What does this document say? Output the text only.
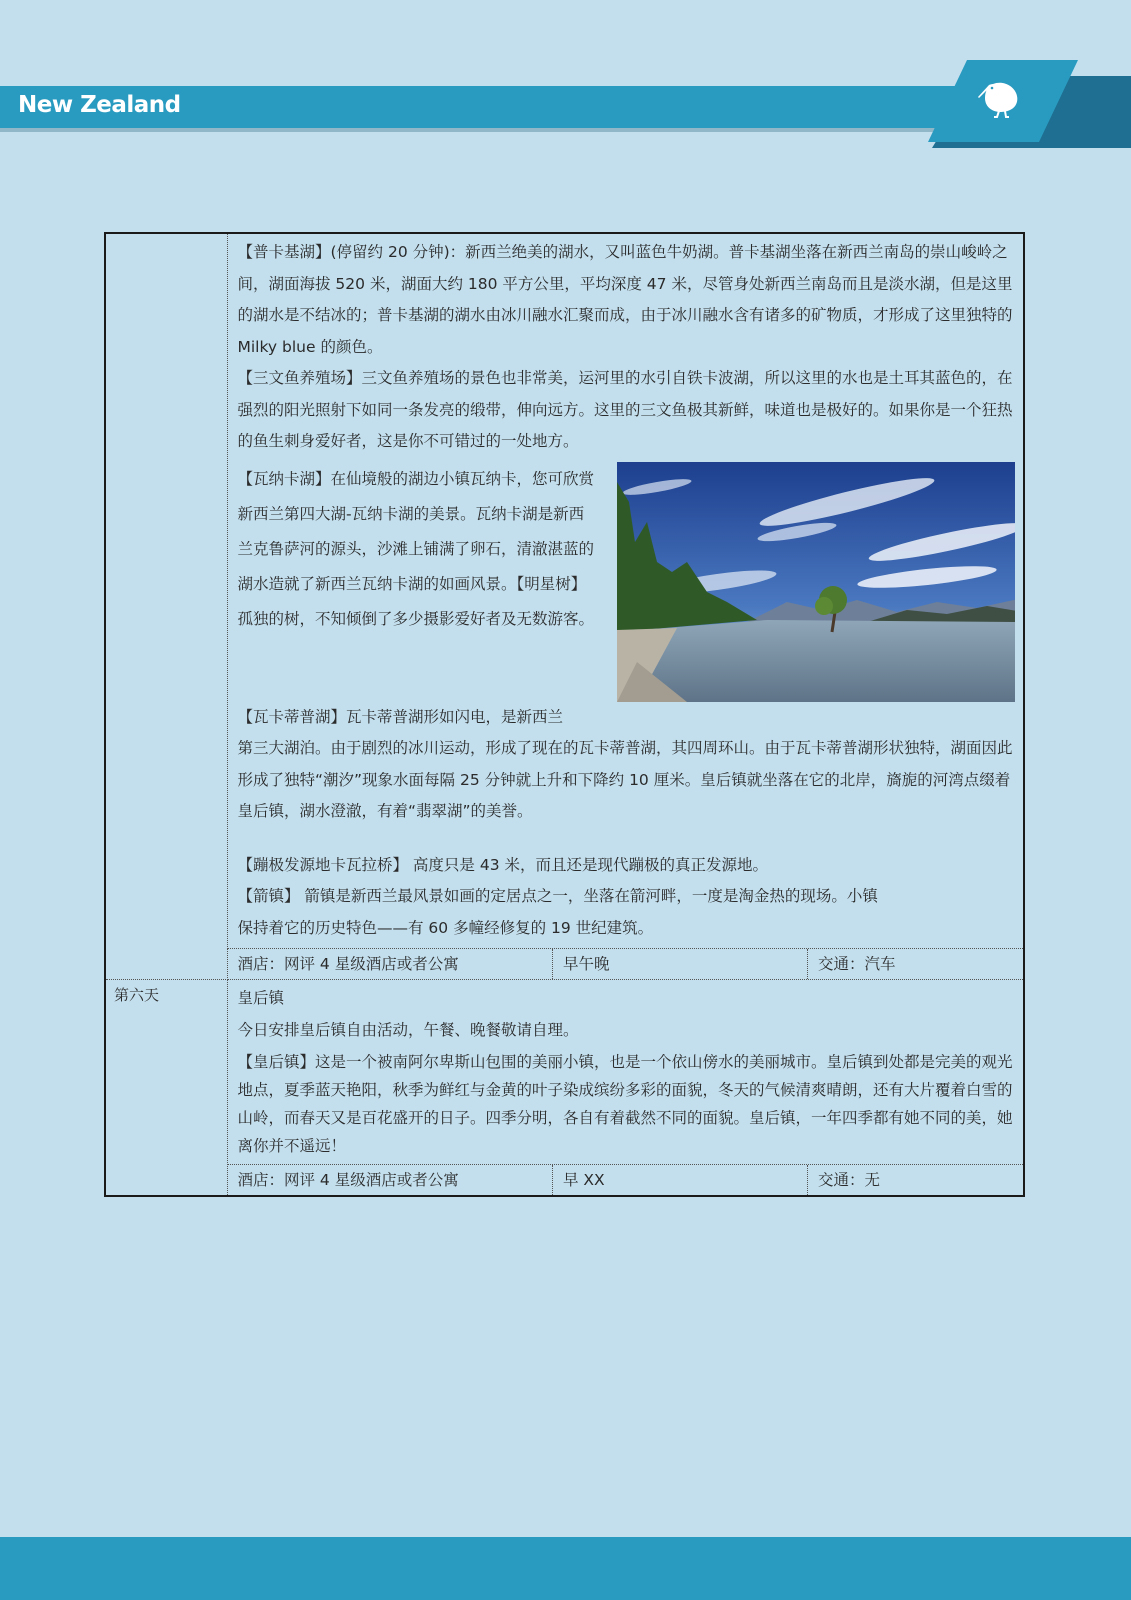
New Zealand

【普卡基湖】(停留约 20 分钟)：新西兰绝美的湖水，又叫蓝色牛奶湖。普卡基湖坐落在新西兰南岛的崇山峻岭之间，湖面海拔 520 米，湖面大约 180 平方公里，平均深度 47 米，尽管身处新西兰南岛而且是淡水湖，但是这里的湖水是不结冰的；普卡基湖的湖水由冰川融水汇聚而成，由于冰川融水含有诸多的矿物质，才形成了这里独特的 Milky blue 的颜色。

【三文鱼养殖场】三文鱼养殖场的景色也非常美，运河里的水引自铁卡波湖，所以这里的水也是土耳其蓝色的，在强烈的阳光照射下如同一条发亮的缎带，伸向远方。这里的三文鱼极其新鲜，味道也是极好的。如果你是一个狂热的鱼生刺身爱好者，这是你不可错过的一处地方。

【瓦纳卡湖】在仙境般的湖边小镇瓦纳卡，您可欣赏新西兰第四大湖-瓦纳卡湖的美景。瓦纳卡湖是新西兰克鲁萨河的源头，沙滩上铺满了卵石，清澈湛蓝的湖水造就了新西兰瓦纳卡湖的如画风景。【明星树】孤独的树，不知倾倒了多少摄影爱好者及无数游客。

【瓦卡蒂普湖】瓦卡蒂普湖形如闪电，是新西兰

第三大湖泊。由于剧烈的冰川运动，形成了现在的瓦卡蒂普湖，其四周环山。由于瓦卡蒂普湖形状独特，湖面因此形成了独特“潮汐”现象水面每隔 25 分钟就上升和下降约 10 厘米。皇后镇就坐落在它的北岸，旖旎的河湾点缀着皇后镇，湖水澄澈，有着“翡翠湖”的美誉。

【蹦极发源地卡瓦拉桥】 高度只是 43 米，而且还是现代蹦极的真正发源地。

【箭镇】 箭镇是新西兰最风景如画的定居点之一，坐落在箭河畔，一度是淘金热的现场。小镇

保持着它的历史特色——有 60 多幢经修复的 19 世纪建筑。

酒店：网评 4 星级酒店或者公寓	早午晚	交通：汽车

第六天	皇后镇

今日安排皇后镇自由活动，午餐、晚餐敬请自理。

【皇后镇】这是一个被南阿尔卑斯山包围的美丽小镇，也是一个依山傍水的美丽城市。皇后镇到处都是完美的观光地点，夏季蓝天艳阳，秋季为鲜红与金黄的叶子染成缤纷多彩的面貌，冬天的气候清爽晴朗，还有大片覆着白雪的山岭，而春天又是百花盛开的日子。四季分明，各自有着截然不同的面貌。皇后镇，一年四季都有她不同的美，她离你并不遥远！

酒店：网评 4 星级酒店或者公寓	早 XX	交通：无
